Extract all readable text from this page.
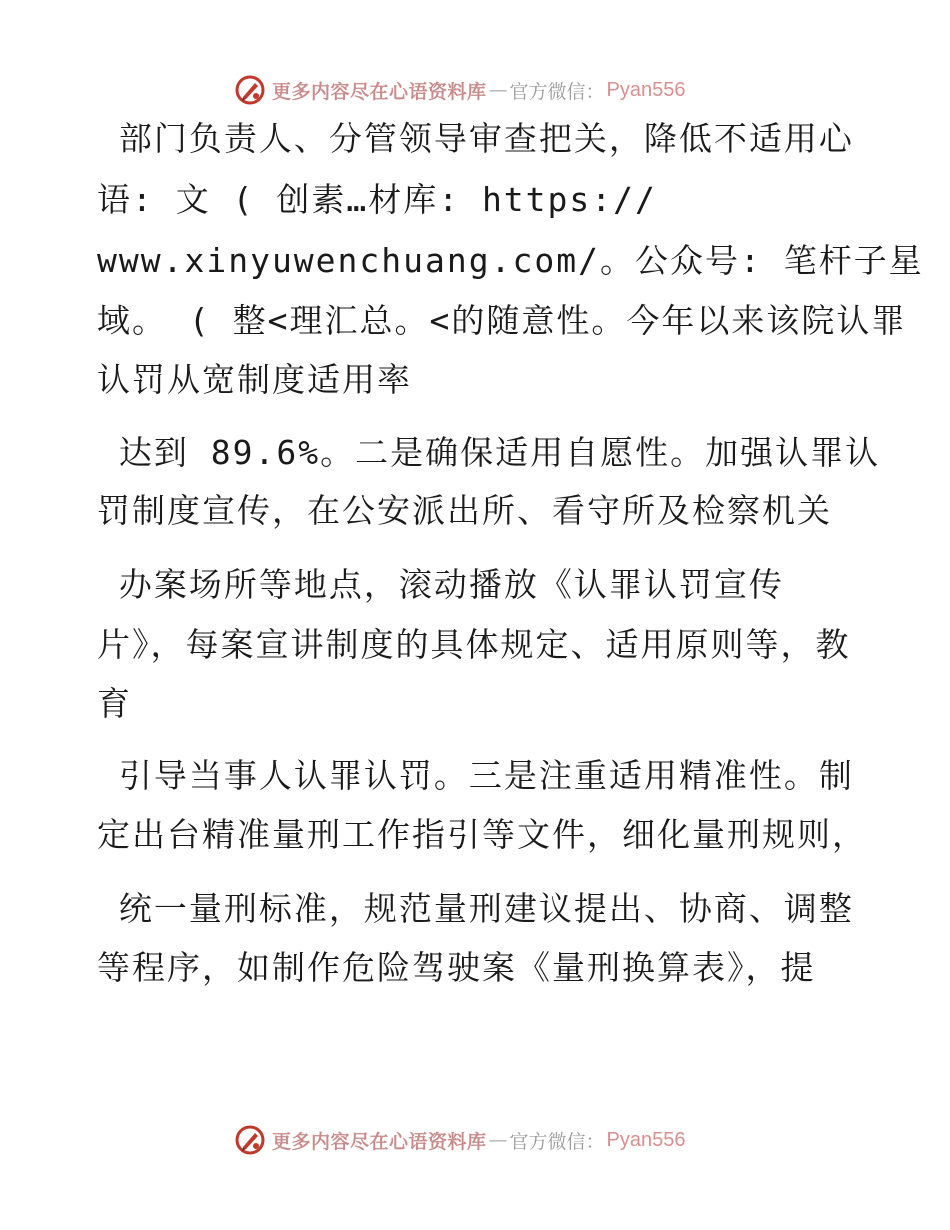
更多内容尽在心语资料库 — 官方微信： Pyan556
部门负责人、分管领导审查把关，降低不适用心
语: 文 ( 创素…材库: https://
www.xinyuwenchuang.com/。公众号: 笔杆子星
域。 ( 整<理汇总。<的随意性。今年以来该院认罪
认罚从宽制度适用率
达到 89.6%。二是确保适用自愿性。加强认罪认
罚制度宣传，在公安派出所、看守所及检察机关
办案场所等地点，滚动播放《认罪认罚宣传
片》，每案宣讲制度的具体规定、适用原则等，教
育
引导当事人认罪认罚。三是注重适用精准性。制
定出台精准量刑工作指引等文件，细化量刑规则，
统一量刑标准，规范量刑建议提出、协商、调整
等程序，如制作危险驾驶案《量刑换算表》，提
更多内容尽在心语资料库 — 官方微信： Pyan556
